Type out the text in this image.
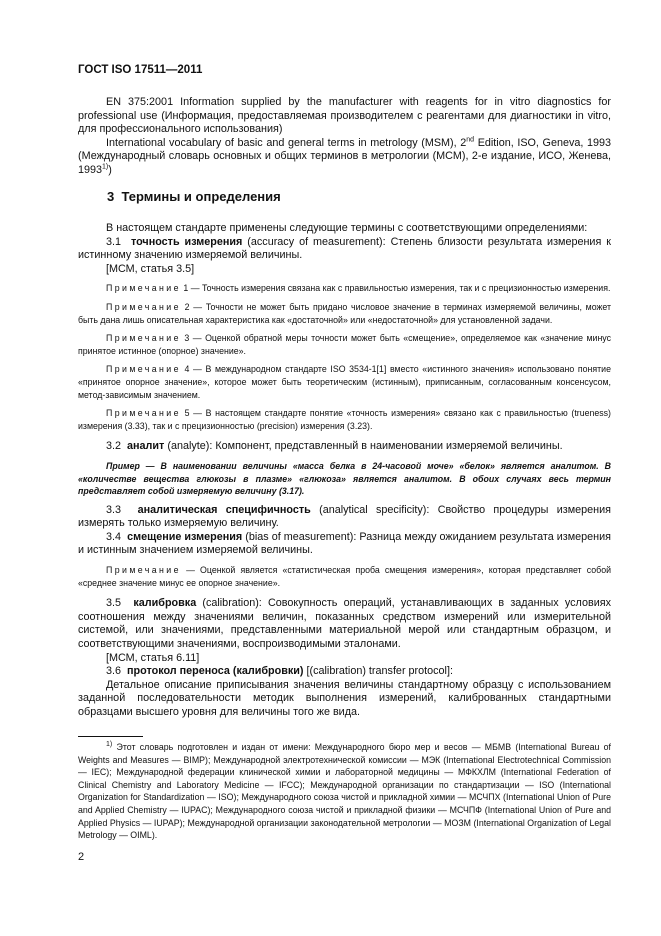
ГОСТ ISO 17511—2011

EN 375:2001 Information supplied by the manufacturer with reagents for in vitro diagnostics for professional use (Информация, предоставляемая производителем с реагентами для диагностики in vitro, для профессионального использования)

International vocabulary of basic and general terms in metrology (MSM), 2nd Edition, ISO, Geneva, 1993 (Международный словарь основных и общих терминов в метрологии (МСМ), 2-е издание, ИСО, Женева, 1993$^{1)}$)

3 Термины и определения

В настоящем стандарте применены следующие термины с соответствующими определениями:

3.1 точность измерения (accuracy of measurement): Степень близости результата измерения к истинному значению измеряемой величины.

[МСМ, статья 3.5]

Примечание 1 — Точность измерения связана как с правильностью измерения, так и с прецизионностью измерения.

Примечание 2 — Точности не может быть придано числовое значение в терминах измеряемой величины, может быть дана лишь описательная характеристика как «достаточной» или «недостаточной» для установленной задачи.

Примечание 3 — Оценкой обратной меры точности может быть «смещение», определяемое как «значение минус принятое истинное (опорное) значение».

Примечание 4 — В международном стандарте ISO 3534-1[1] вместо «истинного значения» использовано понятие «принятое опорное значение», которое может быть теоретическим (истинным), приписанным, согласованным консенсусом, метод-зависимым значением.

Примечание 5 — В настоящем стандарте понятие «точность измерения» связано как с правильностью (trueness) измерения (3.33), так и с прецизионностью (precision) измерения (3.23).

3.2 аналит (analyte): Компонент, представленный в наименовании измеряемой величины.

Пример — В наименовании величины «масса белка в 24-часовой моче» «белок» является аналитом. В «количестве вещества глюкозы в плазме» «глюкоза» является аналитом. В обоих случаях весь термин представляет собой измеряемую величину (3.17).

3.3 аналитическая специфичность (analytical specificity): Свойство процедуры измерения измерять только измеряемую величину.

3.4 смещение измерения (bias of measurement): Разница между ожиданием результата измерения и истинным значением измеряемой величины.

Примечание — Оценкой является «статистическая проба смещения измерения», которая представляет собой «среднее значение минус ее опорное значение».

3.5 калибровка (calibration): Совокупность операций, устанавливающих в заданных условиях соотношения между значениями величин, показанных средством измерений или измерительной системой, или значениями, представленными материальной мерой или стандартным образцом, и соответствующими значениями, воспроизводимыми эталонами.

[МСМ, статья 6.11]

3.6 протокол переноса (калибровки) [(calibration) transfer protocol]:

Детальное описание приписывания значения величины стандартному образцу с использованием заданной последовательности методик выполнения измерений, калиброванных стандартными образцами высшего уровня для величины того же вида.

$^{1)}$ Этот словарь подготовлен и издан от имени: Международного бюро мер и весов — МБМВ (International Bureau of Weights and Measures — BIMP); Международной электротехнической комиссии — МЭК (International Electrotechnical Commission — IEC); Международной федерации клинической химии и лабораторной медицины — МФКХЛМ (International Federation of Clinical Chemistry and Laboratory Medicine — IFCC); Международной организации по стандартизации — ISO (International Organization for Standardization — ISO); Международного союза чистой и прикладной химии — МСЧПХ (International Union of Pure and Applied Chemistry — IUPAC); Международного союза чистой и прикладной физики — МСЧПФ (International Union of Pure and Applied Physics — IUPAP); Международной организации законодательной метрологии — МОЗМ (International Organization of Legal Metrology — OIML).
2
